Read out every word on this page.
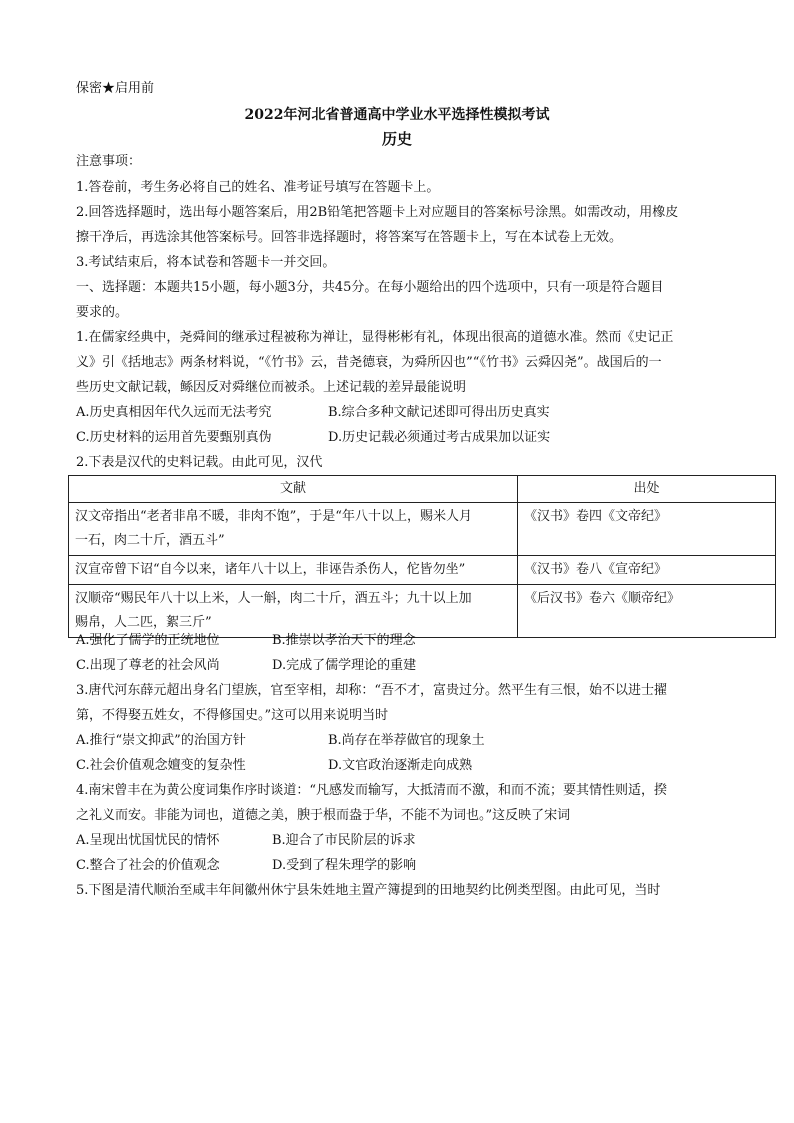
保密★启用前
2022年河北省普通高中学业水平选择性模拟考试
历史
注意事项：
1.答卷前，考生务必将自己的姓名、准考证号填写在答题卡上。
2.回答选择题时，选出每小题答案后，用2B铅笔把答题卡上对应题目的答案标号涂黑。如需改动，用橡皮
擦干净后，再选涂其他答案标号。回答非选择题时，将答案写在答题卡上，写在本试卷上无效。
3.考试结束后，将本试卷和答题卡一并交回。
一、选择题：本题共15小题，每小题3分，共45分。在每小题给出的四个选项中，只有一项是符合题目
要求的。
1.在儒家经典中，尧舜间的继承过程被称为禅让，显得彬彬有礼，体现出很高的道德水准。然而《史记正
义》引《括地志》两条材料说，“《竹书》云，昔尧德衰，为舜所囚也”“《竹书》云舜囚尧”。战国后的一
些历史文献记载，鲧因反对舜继位而被杀。上述记载的差异最能说明
A.历史真相因年代久远而无法考究	B.综合多种文献记述即可得出历史真实
C.历史材料的运用首先要甄别真伪	D.历史记载必须通过考古成果加以证实
2.下表是汉代的史料记载。由此可见，汉代
文献	出处

汉文帝指出“老者非帛不暖，非肉不饱”，于是“年八十以上，赐米人月
一石，肉二十斤，酒五斗”	《汉书》卷四《文帝纪》

汉宣帝曾下诏“自今以来，诸年八十以上，非诬告杀伤人，佗皆勿坐”	《汉书》卷八《宣帝纪》

汉顺帝“赐民年八十以上米，人一斛，肉二十斤，酒五斗；九十以上加
赐帛，人二匹，絮三斤”	《后汉书》卷六《顺帝纪》
A.强化了儒学的正统地位	B.推崇以孝治天下的理念
C.出现了尊老的社会风尚	D.完成了儒学理论的重建
3.唐代河东薛元超出身名门望族，官至宰相，却称：“吾不才，富贵过分。然平生有三恨，始不以进士擢
第，不得娶五姓女，不得修国史。”这可以用来说明当时
A.推行“崇文抑武”的治国方针	B.尚存在举荐做官的现象土
C.社会价值观念嬗变的复杂性	D.文官政治逐渐走向成熟
4.南宋曾丰在为黄公度词集作序时谈道：“凡感发而输写，大抵清而不激，和而不流；要其情性则适，揆
之礼义而安。非能为词也，道德之美，腴于根而盎于华，不能不为词也。”这反映了宋词
A.呈现出忧国忧民的情怀	B.迎合了市民阶层的诉求
C.整合了社会的价值观念	D.受到了程朱理学的影响
5.下图是清代顺治至咸丰年间徽州休宁县朱姓地主置产簿提到的田地契约比例类型图。由此可见，当时
